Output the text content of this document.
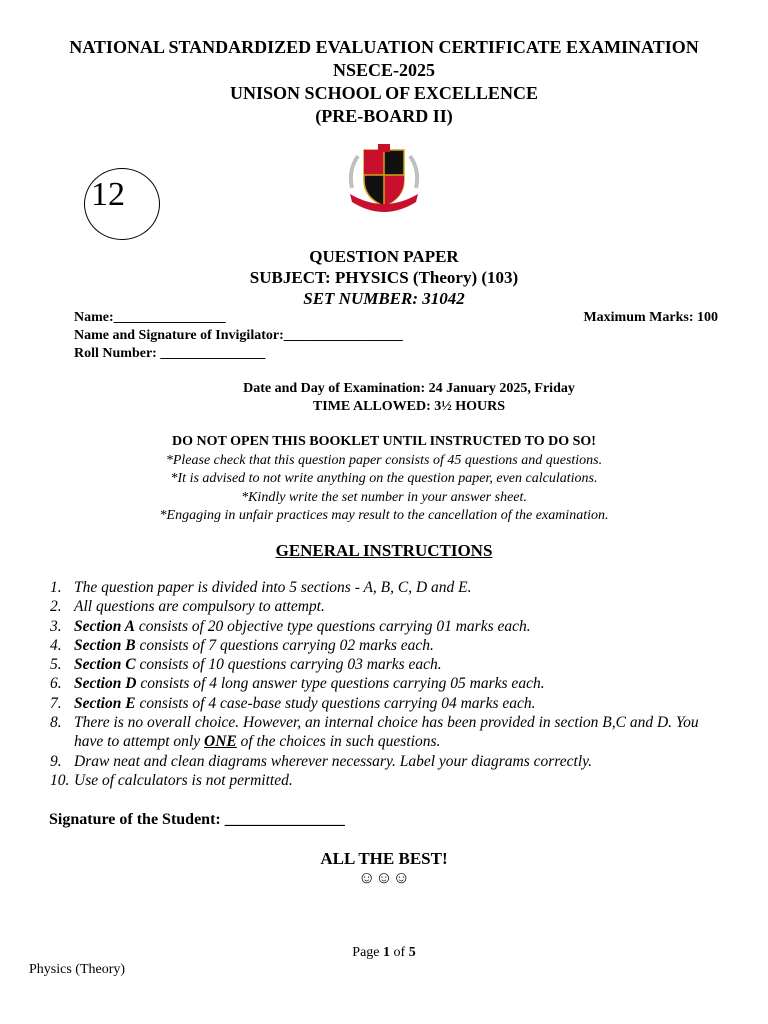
NATIONAL STANDARDIZED EVALUATION CERTIFICATE EXAMINATION
NSECE-2025
UNISON SCHOOL OF EXCELLENCE
(PRE-BOARD II)
12
QUESTION PAPER
SUBJECT: PHYSICS (Theory) (103)
SET NUMBER: 31042
Name:________________
Name and Signature of Invigilator:_________________
Roll Number: _______________
Maximum Marks: 100
Date and Day of Examination: 24 January 2025, Friday
TIME ALLOWED: 3½ HOURS
DO NOT OPEN THIS BOOKLET UNTIL INSTRUCTED TO DO SO!
*Please check that this question paper consists of 45 questions and questions.
*It is advised to not write anything on the question paper, even calculations.
*Kindly write the set number in your answer sheet.
*Engaging in unfair practices may result to the cancellation of the examination.
GENERAL INSTRUCTIONS
1. The question paper is divided into 5 sections - A, B, C, D and E.
2. All questions are compulsory to attempt.
3. Section A consists of 20 objective type questions carrying 01 marks each.
4. Section B consists of 7 questions carrying 02 marks each.
5. Section C consists of 10 questions carrying 03 marks each.
6. Section D consists of 4 long answer type questions carrying 05 marks each.
7. Section E consists of 4 case-base study questions carrying 04 marks each.
8. There is no overall choice. However, an internal choice has been provided in section B,C and D. You have to attempt only ONE of the choices in such questions.
9. Draw neat and clean diagrams wherever necessary. Label your diagrams correctly.
10. Use of calculators is not permitted.
Signature of the Student: _______________
ALL THE BEST!
☺☺☺
Page 1 of 5
Physics (Theory)
